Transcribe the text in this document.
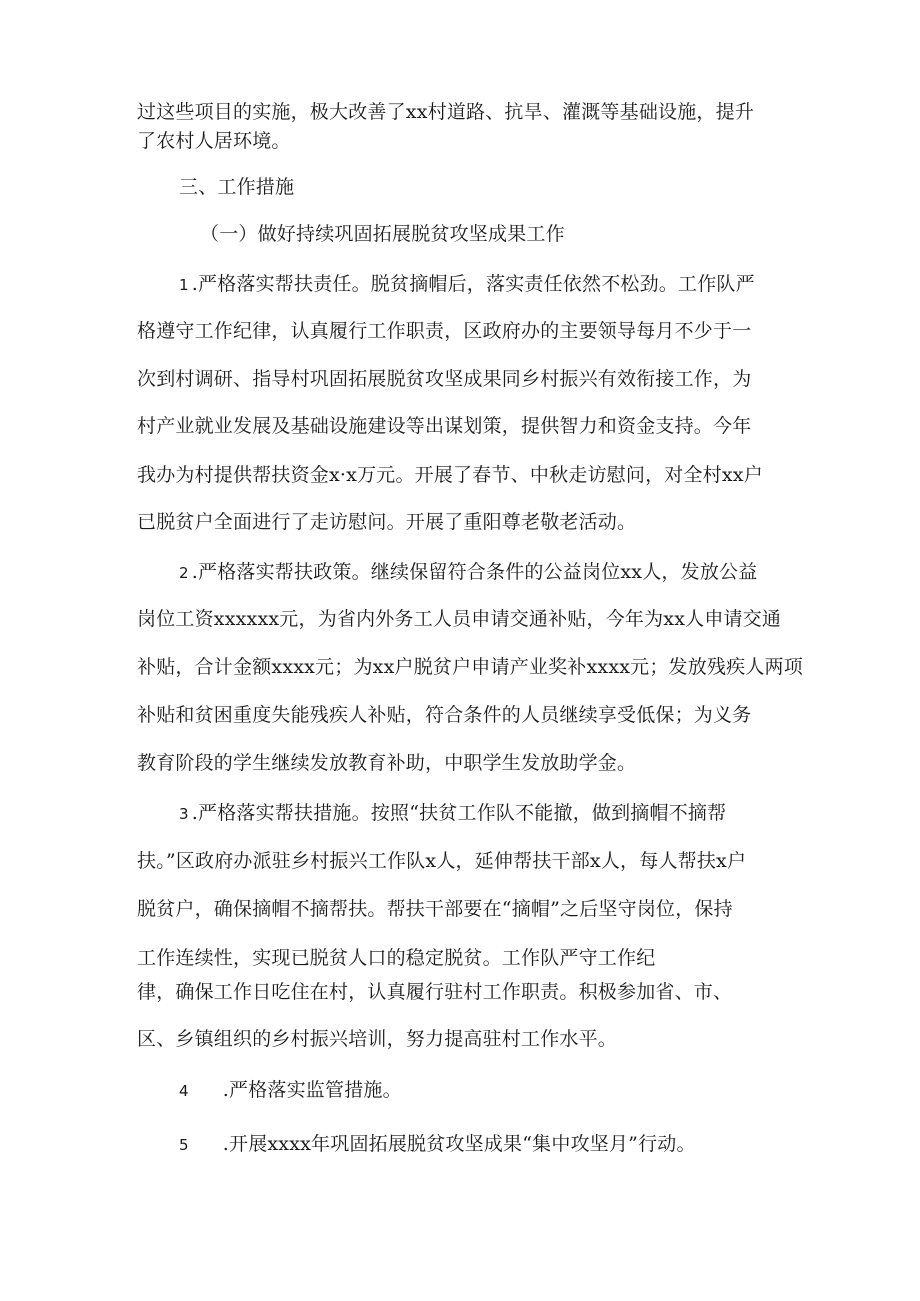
过这些项目的实施，极大改善了xx村道路、抗旱、灌溉等基础设施，提升

了农村人居环境。

三、工作措施

（一）做好持续巩固拓展脱贫攻坚成果工作

1 .严格落实帮扶责任。脱贫摘帽后，落实责任依然不松劲。工作队严

格遵守工作纪律，认真履行工作职责，区政府办的主要领导每月不少于一

次到村调研、指导村巩固拓展脱贫攻坚成果同乡村振兴有效衔接工作，为

村产业就业发展及基础设施建设等出谋划策，提供智力和资金支持。今年

我办为村提供帮扶资金x·x万元。开展了春节、中秋走访慰问，对全村xx户

已脱贫户全面进行了走访慰问。开展了重阳尊老敬老活动。

2 .严格落实帮扶政策。继续保留符合条件的公益岗位xx人，发放公益

岗位工资xxxxxx元，为省内外务工人员申请交通补贴，今年为xx人申请交通

补贴，合计金额xxxx元；为xx户脱贫户申请产业奖补xxxx元；发放残疾人两项

补贴和贫困重度失能残疾人补贴，符合条件的人员继续享受低保；为义务

教育阶段的学生继续发放教育补助，中职学生发放助学金。

3 .严格落实帮扶措施。按照“扶贫工作队不能撤，做到摘帽不摘帮

扶。”区政府办派驻乡村振兴工作队x人，延伸帮扶干部x人，每人帮扶x户

脱贫户，确保摘帽不摘帮扶。帮扶干部要在“摘帽”之后坚守岗位，保持

工作连续性，实现已脱贫人口的稳定脱贫。工作队严守工作纪

律，确保工作日吃住在村，认真履行驻村工作职责。积极参加省、市、

区、乡镇组织的乡村振兴培训，努力提高驻村工作水平。

4 .严格落实监管措施。

5 .开展xxxx年巩固拓展脱贫攻坚成果“集中攻坚月”行动。
